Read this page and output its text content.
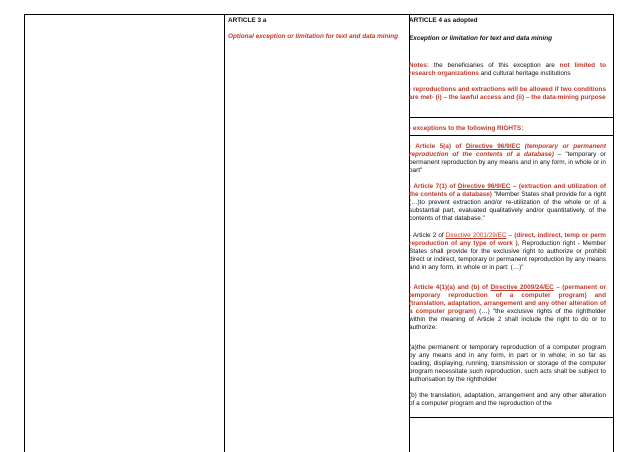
ARTICLE 3 a

Optional exception or limitation for text and data mining

ARTICLE 4 as adopted

Exception or limitation for text and data mining

Notes: the beneficiaries of this exception are not limited to research organizations and cultural heritage institutions
- reproductions and extractions will be allowed if two conditions are met- (i) – the lawful access and (ii) – the data-mining purpose
- exceptions to the following RIGHTS:
- Article 5(a) of Directive 96/9/EC (temporary or permanent reproduction of the contents of a database) – "temporary or permanent reproduction by any means and in any form, in whole or in part"
- Article 7(1) of Directive 96/9/EC – (extraction and utilization of the contents of a database) "Member States shall provide for a right (…)to prevent extraction and/or re-utilization of the whole or of a substantial part, evaluated qualitatively and/or quantitatively, of the contents of that database."
- Article 2 of Directive 2001/29/EC – (direct, indirect, temp or perm reproduction of any type of work ), Reproduction right - Member States shall provide for the exclusive right to authorize or prohibit direct or indirect, temporary or permanent reproduction by any means and in any form, in whole or in part: (…)"
- Article 4(1)(a) and (b) of Directive 2009/24/EC – (permanent or temporary reproduction of a computer program) and (translation, adaptation, arrangement and any other alteration of a computer program) (…) "the exclusive rights of the rightholder within the meaning of Article 2 shall include the right to do or to authorize:
(a)the permanent or temporary reproduction of a computer program by any means and in any form, in part or in whole; in so far as loading, displaying, running, transmission or storage of the computer program necessitate such reproduction, such acts shall be subject to authorisation by the rightholder
(b) the translation, adaptation, arrangement and any other alteration of a computer program and the reproduction of the
